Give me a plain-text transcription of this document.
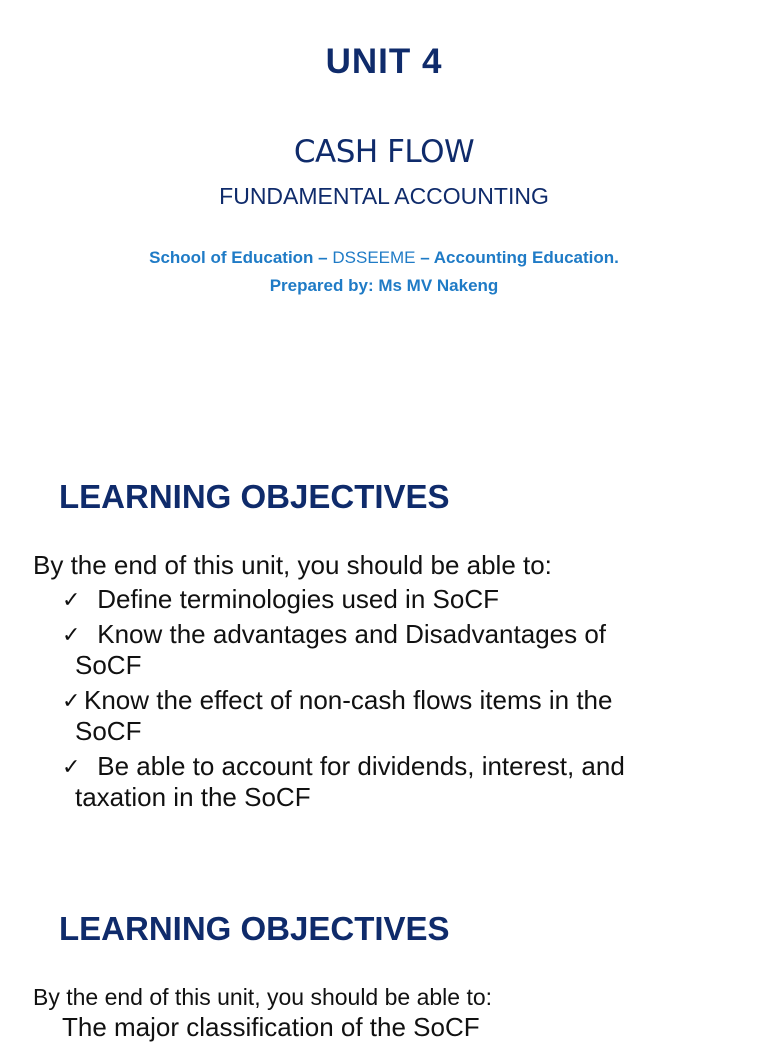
UNIT 4
CASH FLOW
FUNDAMENTAL ACCOUNTING
School of Education – DSSEEME – Accounting Education.
Prepared by: Ms MV Nakeng
LEARNING OBJECTIVES
By the end of this unit, you should be able to:
✓ Define terminologies used in SoCF
✓ Know the advantages and Disadvantages of
SoCF
✓ Know the effect of non-cash flows items in the
SoCF
✓ Be able to account for dividends, interest, and
taxation in the SoCF
LEARNING OBJECTIVES
By the end of this unit, you should be able to:
The major classification of the SoCF
